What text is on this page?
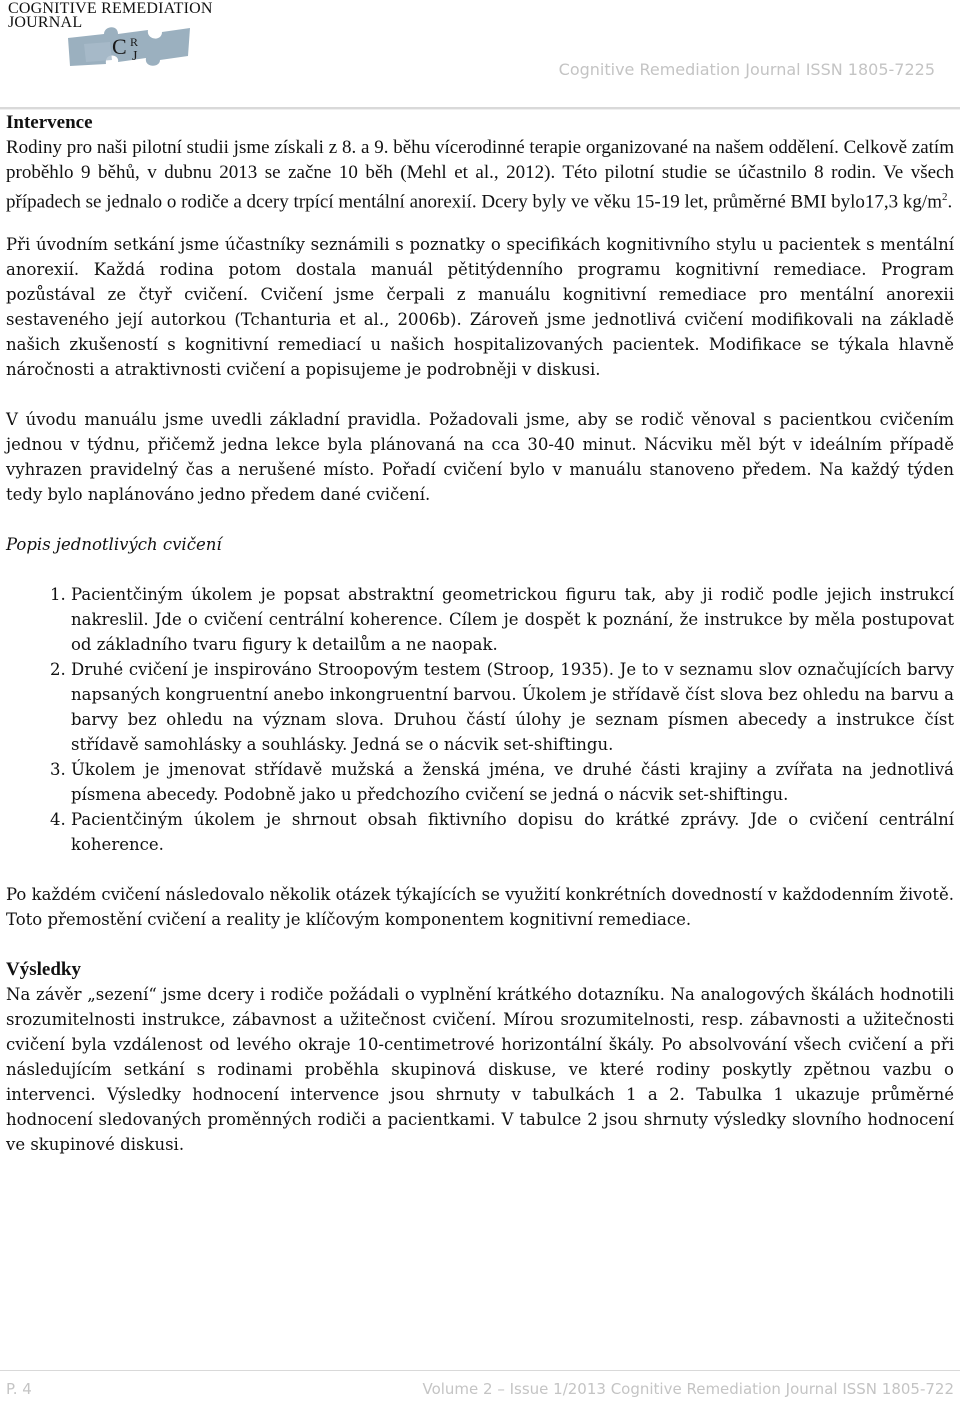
COGNITIVE REMEDIATION
JOURNAL
C R
J
Cognitive Remediation Journal ISSN 1805-7225
Intervence

Rodiny pro naši pilotní studii jsme získali z 8. a 9. běhu vícerodinné terapie organizované na našem oddělení. Celkově zatím proběhlo 9 běhů, v dubnu 2013 se začne 10 běh (Mehl et al., 2012). Této pilotní studie se účastnilo 8 rodin. Ve všech případech se jednalo o rodiče a dcery trpící mentální anorexií. Dcery byly ve věku 15-19 let, průměrné BMI bylo17,3 $kg/m^2$.

Při úvodním setkání jsme účastníky seznámili s poznatky o specifikách kognitivního stylu u pacientek s mentální anorexií. Každá rodina potom dostala manuál pětitýdenního programu kognitivní remediace. Program pozůstával ze čtyř cvičení. Cvičení jsme čerpali z manuálu kognitivní remediace pro mentální anorexii sestaveného její autorkou (Tchanturia et al., 2006b). Zároveň jsme jednotlivá cvičení modifikovali na základě našich zkušeností s kognitivní remediací u našich hospitalizovaných pacientek. Modifikace se týkala hlavně náročnosti a atraktivnosti cvičení a popisujeme je podrobněji v diskusi.

V úvodu manuálu jsme uvedli základní pravidla. Požadovali jsme, aby se rodič věnoval s pacientkou cvičením jednou v týdnu, přičemž jedna lekce byla plánovaná na cca 30-40 minut. Nácviku měl být v ideálním případě vyhrazen pravidelný čas a nerušené místo. Pořadí cvičení bylo v manuálu stanoveno předem. Na každý týden tedy bylo naplánováno jedno předem dané cvičení.

Popis jednotlivých cvičení

1. Pacientčiným úkolem je popsat abstraktní geometrickou figuru tak, aby ji rodič podle jejich instrukcí nakreslil. Jde o cvičení centrální koherence. Cílem je dospět k poznání, že instrukce by měla postupovat od základního tvaru figury k detailům a ne naopak.
2. Druhé cvičení je inspirováno Stroopovým testem (Stroop, 1935). Je to v seznamu slov označujících barvy napsaných kongruentní anebo inkongruentní barvou. Úkolem je střídavě číst slova bez ohledu na barvu a barvy bez ohledu na význam slova. Druhou částí úlohy je seznam písmen abecedy a instrukce číst střídavě samohlásky a souhlásky. Jedná se o nácvik set-shiftingu.
3. Úkolem je jmenovat střídavě mužská a ženská jména, ve druhé části krajiny a zvířata na jednotlivá písmena abecedy. Podobně jako u předchozího cvičení se jedná o nácvik set-shiftingu.
4. Pacientčiným úkolem je shrnout obsah fiktivního dopisu do krátké zprávy. Jde o cvičení centrální koherence.

Po každém cvičení následovalo několik otázek týkajících se využití konkrétních dovedností v každodenním životě. Toto přemostění cvičení a reality je klíčovým komponentem kognitivní remediace.

Výsledky

Na závěr „sezení“ jsme dcery i rodiče požádali o vyplnění krátkého dotazníku. Na analogových škálách hodnotili srozumitelnosti instrukce, zábavnost a užitečnost cvičení. Mírou srozumitelnosti, resp. zábavnosti a užitečnosti cvičení byla vzdálenost od levého okraje 10-centimetrové horizontální škály. Po absolvování všech cvičení a při následujícím setkání s rodinami proběhla skupinová diskuse, ve které rodiny poskytly zpětnou vazbu o intervenci. Výsledky hodnocení intervence jsou shrnuty v tabulkách 1 a 2. Tabulka 1 ukazuje průměrné hodnocení sledovaných proměnných rodiči a pacientkami. V tabulce 2 jsou shrnuty výsledky slovního hodnocení ve skupinové diskusi.

P. 4	Volume 2 – Issue 1/2013 Cognitive Remediation Journal ISSN 1805-722
